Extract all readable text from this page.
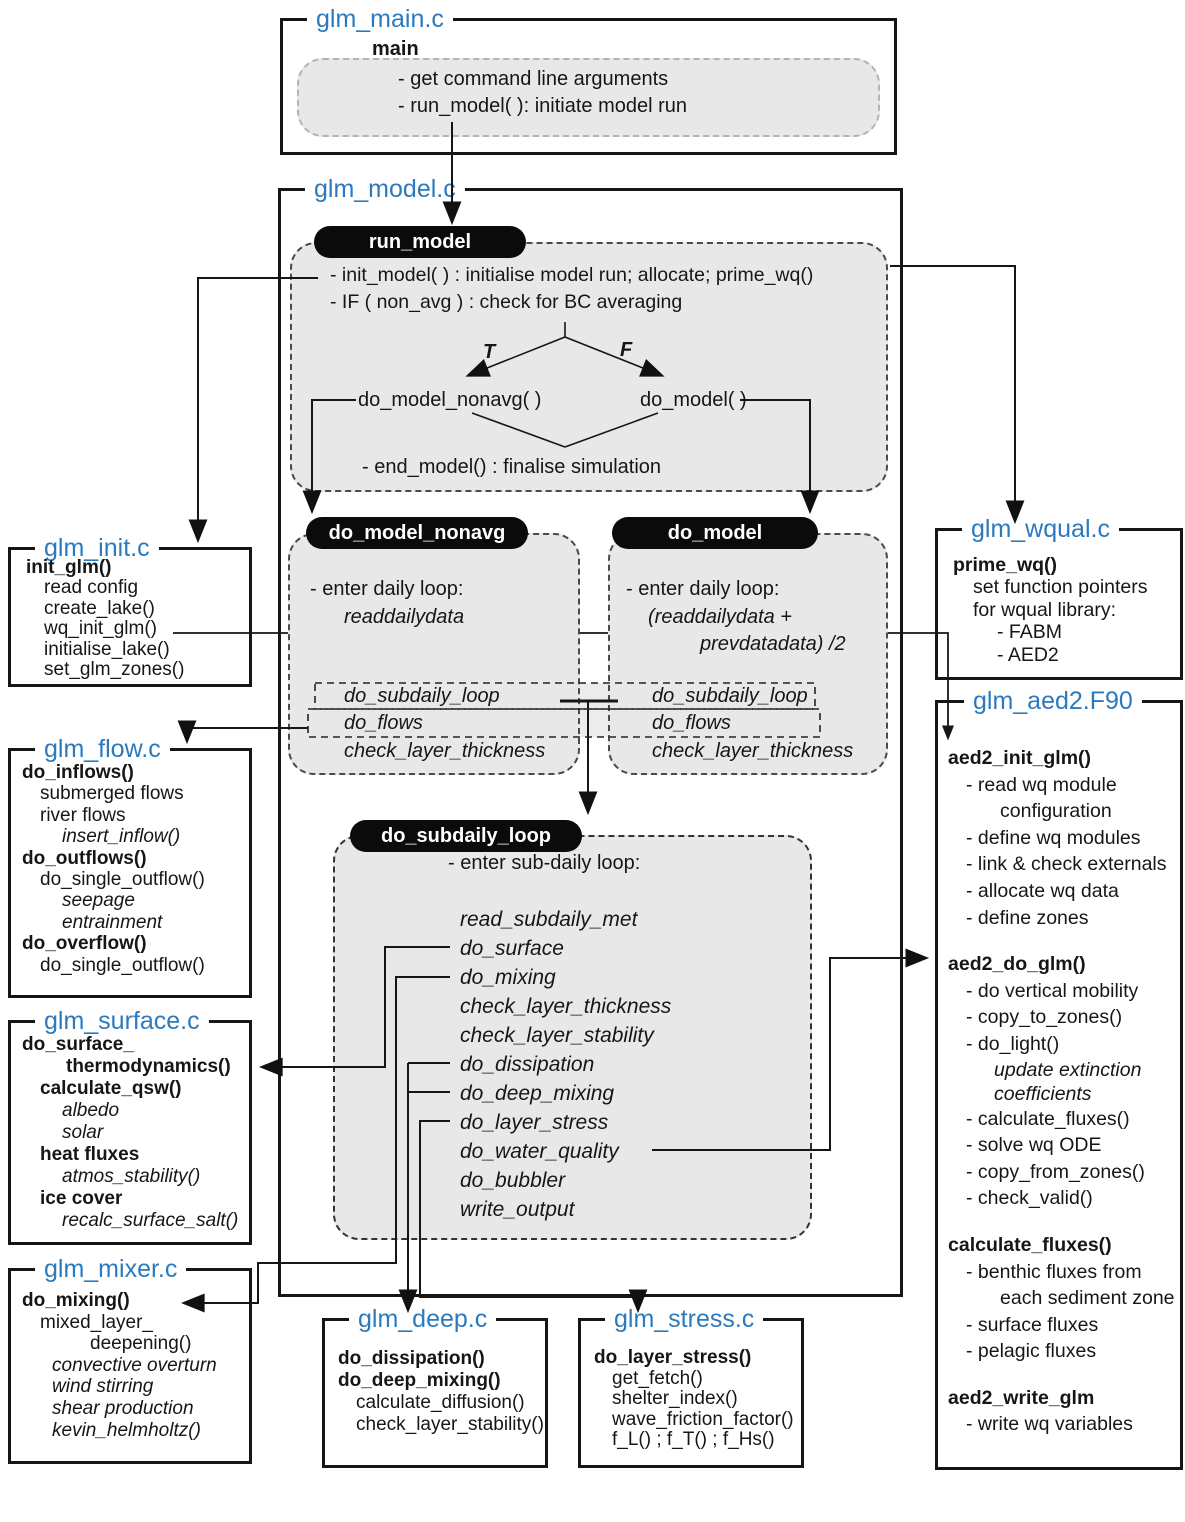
glm_main.c
main
- get command line arguments
- run_model( ): initiate model run
glm_model.c
run_model
- init_model( ) : initialise model run; allocate; prime_wq()
- IF ( non_avg ) : check for BC averaging
T	F
do_model_nonavg( )	do_model( )
- end_model() : finalise simulation
do_model_nonavg
- enter daily loop:
readdailydata
do_subdaily_loop
do_flows
check_layer_thickness
do_model
- enter daily loop:
(readdailydata +
prevdatadata) /2
do_subdaily_loop
do_flows
check_layer_thickness
do_subdaily_loop
- enter sub-daily loop:
read_subdaily_met
do_surface
do_mixing
check_layer_thickness
check_layer_stability
do_dissipation
do_deep_mixing
do_layer_stress
do_water_quality
do_bubbler
write_output
glm_init.c
init_glm()
read config
create_lake()
wq_init_glm()
initialise_lake()
set_glm_zones()
glm_flow.c
do_inflows()
submerged flows
river flows
insert_inflow()
do_outflows()
do_single_outflow()
seepage
entrainment
do_overflow()
do_single_outflow()
glm_surface.c
do_surface_
thermodynamics()
calculate_qsw()
albedo
solar
heat fluxes
atmos_stability()
ice cover
recalc_surface_salt()
glm_mixer.c
do_mixing()
mixed_layer_
deepening()
convective overturn
wind stirring
shear production
kevin_helmholtz()
glm_wqual.c
prime_wq()
set function pointers
for wqual library:
- FABM
- AED2
glm_aed2.F90
aed2_init_glm()
- read wq module
configuration
- define wq modules
- link & check externals
- allocate wq data
- define zones
aed2_do_glm()
- do vertical mobility
- copy_to_zones()
- do_light()
update extinction
coefficients
- calculate_fluxes()
- solve wq ODE
- copy_from_zones()
- check_valid()
calculate_fluxes()
- benthic fluxes from
each sediment zone
- surface fluxes
- pelagic fluxes
aed2_write_glm
- write wq variables
glm_deep.c
do_dissipation()
do_deep_mixing()
calculate_diffusion()
check_layer_stability()
glm_stress.c
do_layer_stress()
get_fetch()
shelter_index()
wave_friction_factor()
f_L() ; f_T() ; f_Hs()
